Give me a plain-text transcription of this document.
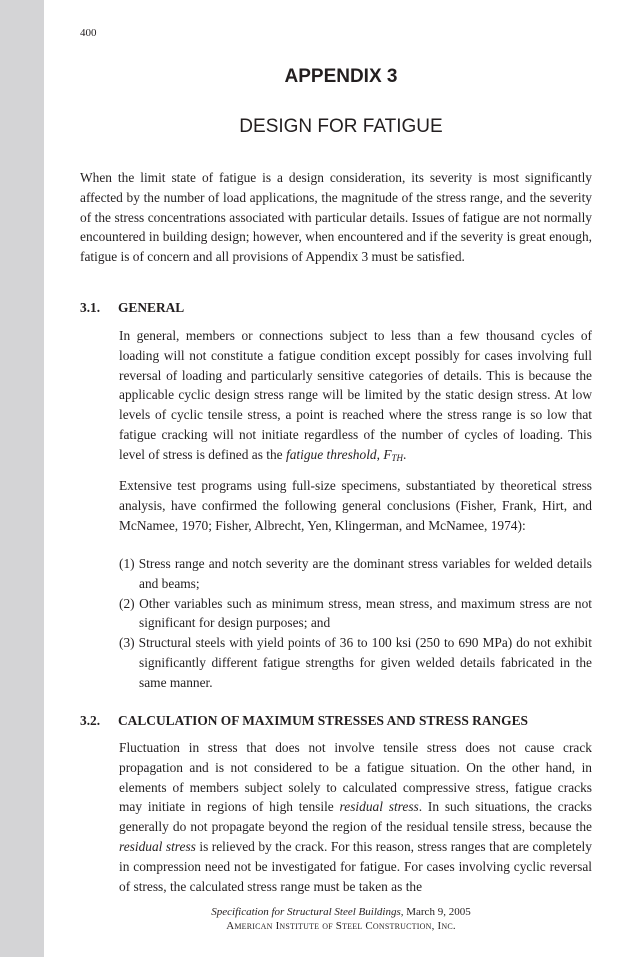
400
APPENDIX 3
DESIGN FOR FATIGUE

When the limit state of fatigue is a design consideration, its severity is most significantly affected by the number of load applications, the magnitude of the stress range, and the severity of the stress concentrations associated with particular details. Issues of fatigue are not normally encountered in building design; however, when encountered and if the severity is great enough, fatigue is of concern and all provisions of Appendix 3 must be satisfied.

3.1. GENERAL

In general, members or connections subject to less than a few thousand cycles of loading will not constitute a fatigue condition except possibly for cases involving full reversal of loading and particularly sensitive categories of details. This is because the applicable cyclic design stress range will be limited by the static design stress. At low levels of cyclic tensile stress, a point is reached where the stress range is so low that fatigue cracking will not initiate regardless of the number of cycles of loading. This level of stress is defined as the fatigue threshold, $F_{TH}$.

Extensive test programs using full-size specimens, substantiated by theoretical stress analysis, have confirmed the following general conclusions (Fisher, Frank, Hirt, and McNamee, 1970; Fisher, Albrecht, Yen, Klingerman, and McNamee, 1974):

(1) Stress range and notch severity are the dominant stress variables for welded details and beams;
(2) Other variables such as minimum stress, mean stress, and maximum stress are not significant for design purposes; and
(3) Structural steels with yield points of 36 to 100 ksi (250 to 690 MPa) do not exhibit significantly different fatigue strengths for given welded details fabricated in the same manner.
3.2. CALCULATION OF MAXIMUM STRESSES AND STRESS RANGES

Fluctuation in stress that does not involve tensile stress does not cause crack propagation and is not considered to be a fatigue situation. On the other hand, in elements of members subject solely to calculated compressive stress, fatigue cracks may initiate in regions of high tensile residual stress. In such situations, the cracks generally do not propagate beyond the region of the residual tensile stress, because the residual stress is relieved by the crack. For this reason, stress ranges that are completely in compression need not be investigated for fatigue. For cases involving cyclic reversal of stress, the calculated stress range must be taken as the

Specification for Structural Steel Buildings, March 9, 2005
American Institute of Steel Construction, Inc.
